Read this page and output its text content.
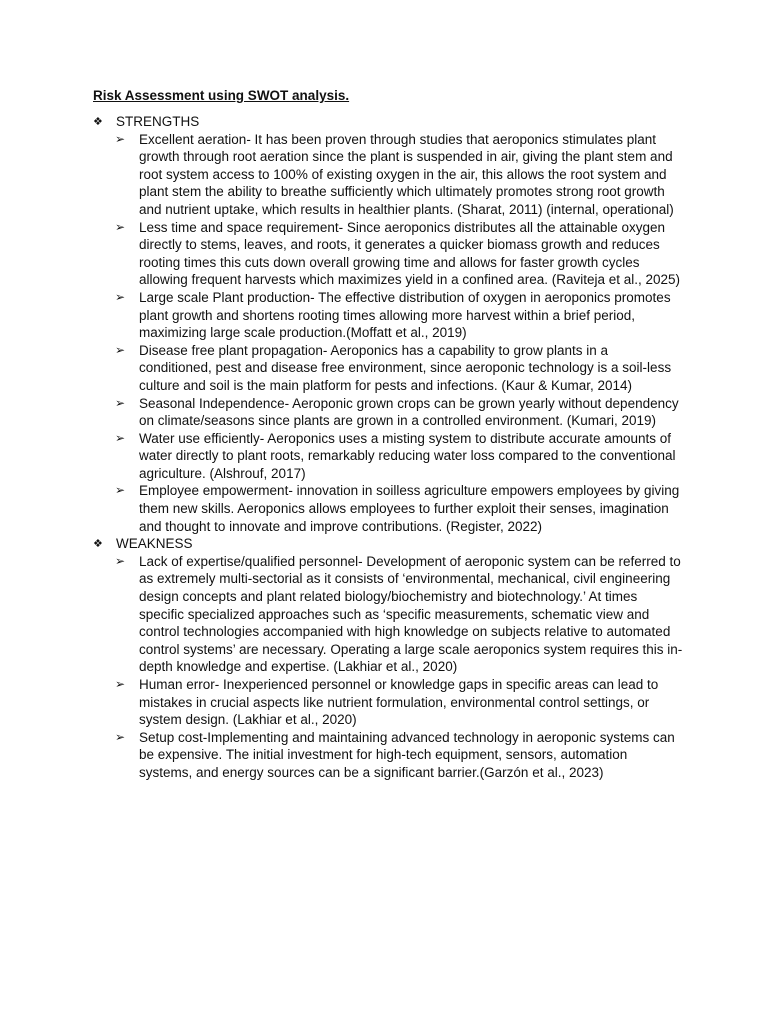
Risk Assessment using SWOT analysis.
❖ STRENGTHS
➢ Excellent aeration- It has been proven through studies that aeroponics stimulates plant growth through root aeration since the plant is suspended in air, giving the plant stem and root system access to 100% of existing oxygen in the air, this allows the root system and plant stem the ability to breathe sufficiently which ultimately promotes strong root growth and nutrient uptake, which results in healthier plants. (Sharat, 2011) (internal, operational)
➢ Less time and space requirement- Since aeroponics distributes all the attainable oxygen directly to stems, leaves, and roots, it generates a quicker biomass growth and reduces rooting times this cuts down overall growing time and allows for faster growth cycles allowing frequent harvests which maximizes yield in a confined area. (Raviteja et al., 2025)
➢ Large scale Plant production- The effective distribution of oxygen in aeroponics promotes plant growth and shortens rooting times allowing more harvest within a brief period, maximizing large scale production.(Moffatt et al., 2019)
➢ Disease free plant propagation- Aeroponics has a capability to grow plants in a conditioned, pest and disease free environment, since aeroponic technology is a soil-less culture and soil is the main platform for pests and infections. (Kaur & Kumar, 2014)
➢ Seasonal Independence- Aeroponic grown crops can be grown yearly without dependency on climate/seasons since plants are grown in a controlled environment. (Kumari, 2019)
➢ Water use efficiently- Aeroponics uses a misting system to distribute accurate amounts of water directly to plant roots, remarkably reducing water loss compared to the conventional agriculture. (Alshrouf, 2017)
➢ Employee empowerment- innovation in soilless agriculture empowers employees by giving them new skills. Aeroponics allows employees to further exploit their senses, imagination and thought to innovate and improve contributions. (Register, 2022)
❖ WEAKNESS
➢ Lack of expertise/qualified personnel- Development of aeroponic system can be referred to as extremely multi-sectorial as it consists of ‘environmental, mechanical, civil engineering design concepts and plant related biology/biochemistry and biotechnology.’ At times specific specialized approaches such as ‘specific measurements, schematic view and control technologies accompanied with high knowledge on subjects relative to automated control systems’ are necessary. Operating a large scale aeroponics system requires this in-depth knowledge and expertise. (Lakhiar et al., 2020)
➢ Human error- Inexperienced personnel or knowledge gaps in specific areas can lead to mistakes in crucial aspects like nutrient formulation, environmental control settings, or system design. (Lakhiar et al., 2020)
➢ Setup cost-Implementing and maintaining advanced technology in aeroponic systems can be expensive. The initial investment for high-tech equipment, sensors, automation systems, and energy sources can be a significant barrier.(Garzón et al., 2023)
